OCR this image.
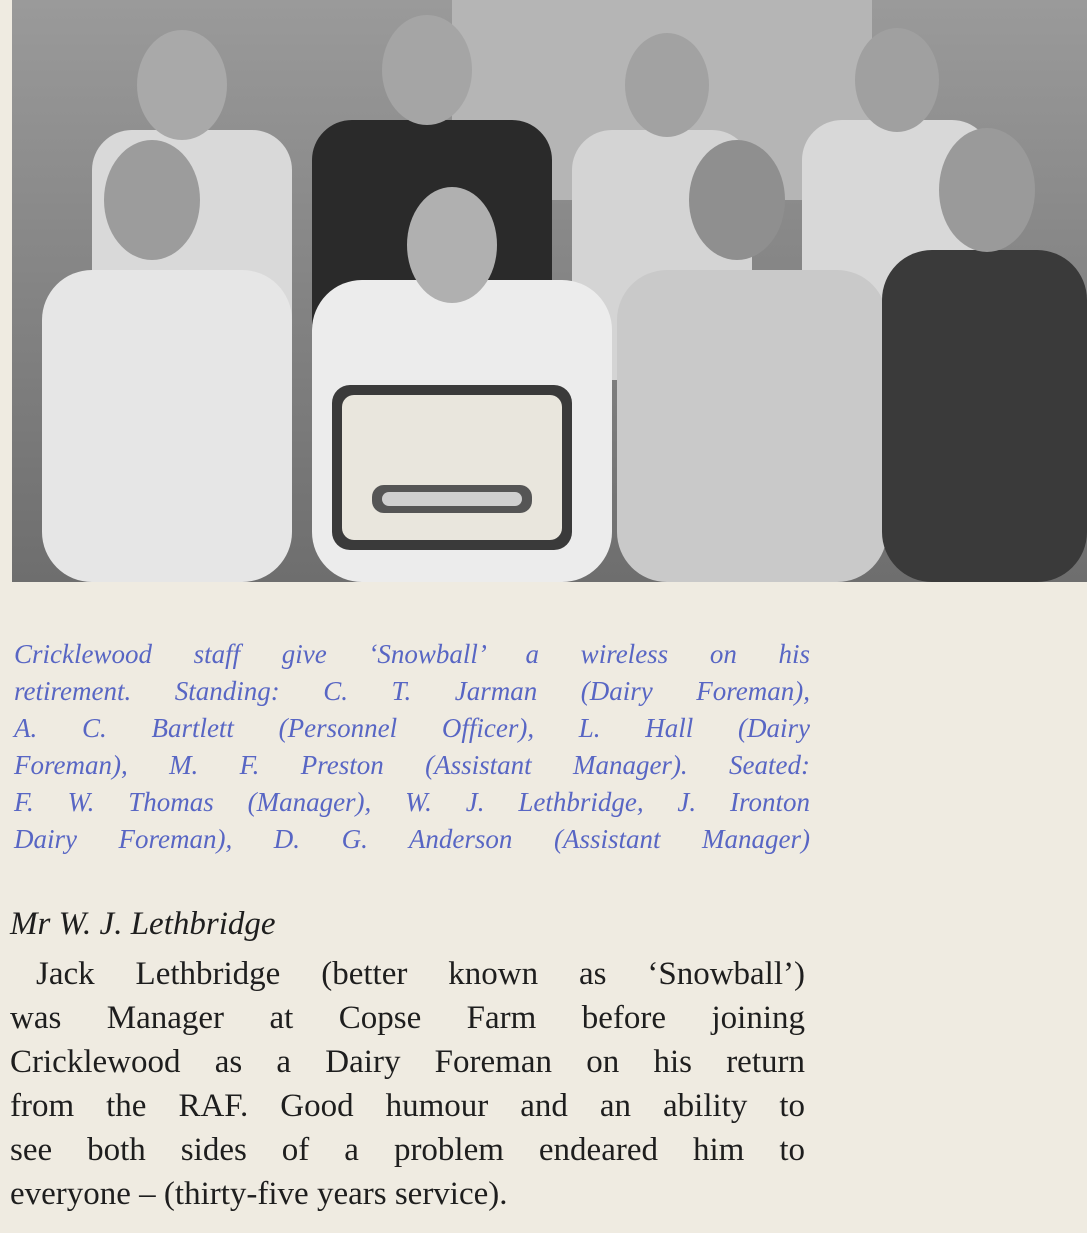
Cricklewood staff give ‘Snowball’ a wireless on his
retirement. Standing: C. T. Jarman (Dairy Foreman),
A. C. Bartlett (Personnel Officer), L. Hall (Dairy
Foreman), M. F. Preston (Assistant Manager). Seated:
F. W. Thomas (Manager), W. J. Lethbridge, J. Ironton
Dairy Foreman), D. G. Anderson (Assistant Manager)
Mr W. J. Lethbridge
Jack Lethbridge (better known as ‘Snowball’)
was Manager at Copse Farm before joining
Cricklewood as a Dairy Foreman on his return
from the RAF. Good humour and an ability to
see both sides of a problem endeared him to
everyone – (thirty-five years service).
